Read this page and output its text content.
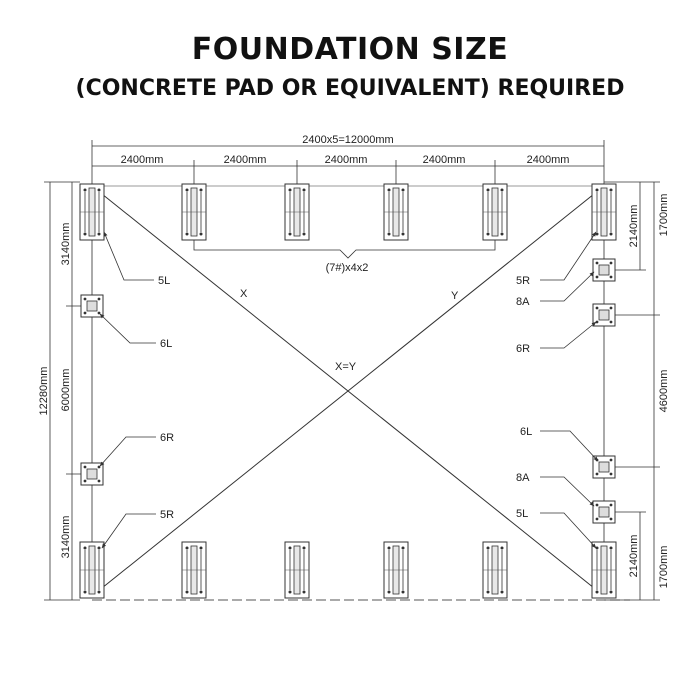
FOUNDATION SIZE
(CONCRETE PAD OR EQUIVALENT) REQUIRED
X	Y
X=Y
2400x5=12000mm
2400mm	2400mm	2400mm	2400mm	2400mm
12280mm
3140mm
6000mm
3140mm
1700mm
2140mm
4600mm
2140mm 1700mm
(7#)x4x2
5L
6L
6R
5R
5R
8A
6R
6L
8A
5L
